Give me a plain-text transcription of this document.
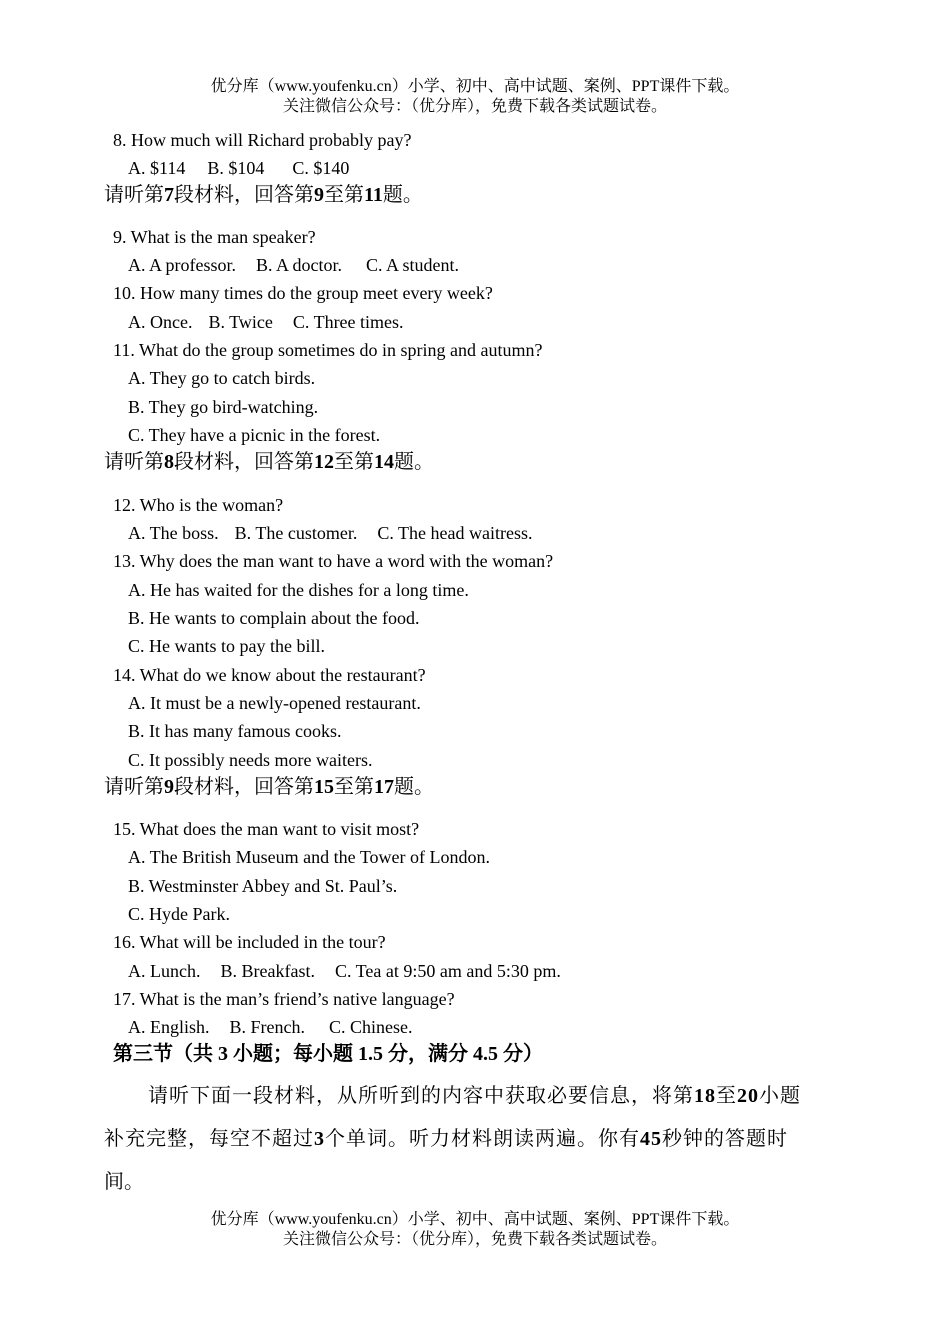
优分库（www.youfenku.cn）小学、初中、高中试题、案例、PPT课件下载。
关注微信公众号：（优分库），免费下载各类试题试卷。
8. How much will Richard probably pay?
A. $114 B. $104 C. $140
请听第7段材料，回答第9至第11题。
9. What is the man speaker?
A. A professor. B. A doctor. C. A student.
10. How many times do the group meet every week?
A. Once. B. Twice C. Three times.
11. What do the group sometimes do in spring and autumn?
A. They go to catch birds.
B. They go bird-watching.
C. They have a picnic in the forest.
请听第8段材料，回答第12至第14题。
12. Who is the woman?
A. The boss. B. The customer. C. The head waitress.
13. Why does the man want to have a word with the woman?
A. He has waited for the dishes for a long time.
B. He wants to complain about the food.
C. He wants to pay the bill.
14. What do we know about the restaurant?
A. It must be a newly-opened restaurant.
B. It has many famous cooks.
C. It possibly needs more waiters.
请听第9段材料，回答第15至第17题。
15. What does the man want to visit most?
A. The British Museum and the Tower of London.
B. Westminster Abbey and St. Paul’s.
C. Hyde Park.
16. What will be included in the tour?
A. Lunch. B. Breakfast. C. Tea at 9:50 am and 5:30 pm.
17. What is the man’s friend’s native language?
A. English. B. French. C. Chinese.
第三节（共 3 小题；每小题 1.5 分，满分 4.5 分）
请听下面一段材料，从所听到的内容中获取必要信息，将第18至20小题
补充完整，每空不超过3个单词。听力材料朗读两遍。你有45秒钟的答题时
间。
优分库（www.youfenku.cn）小学、初中、高中试题、案例、PPT课件下载。
关注微信公众号：（优分库），免费下载各类试题试卷。
